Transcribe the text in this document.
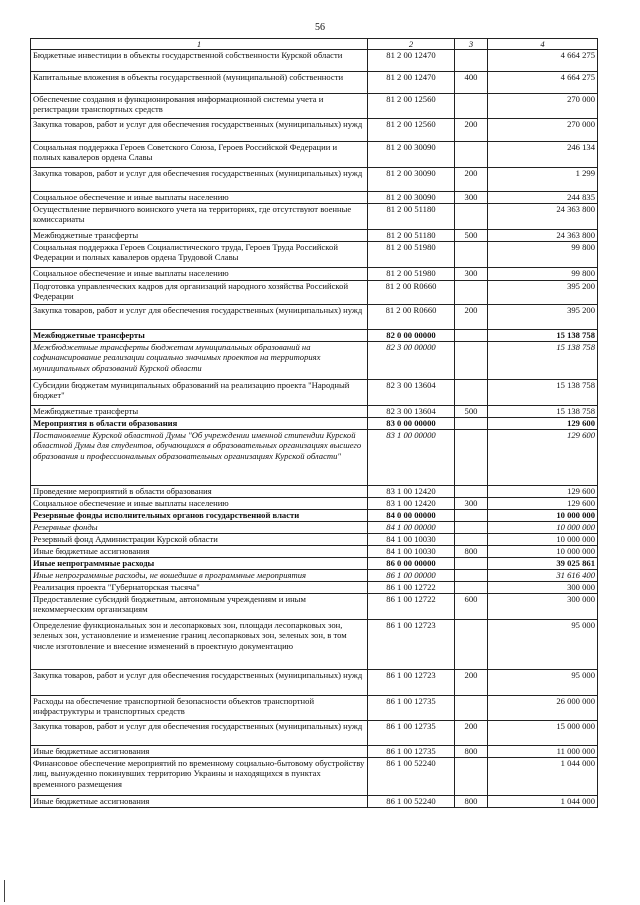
56
1	2	3	4
Бюджетные инвестиции в объекты государственной собственности Курской области	81 2 00 12470		4 664 275
Капитальные вложения в объекты государственной (муниципальной) собственности	81 2 00 12470	400	4 664 275
Обеспечение создания и функционирования информационной системы учета и регистрации транспортных средств	81 2 00 12560		270 000
Закупка товаров, работ и услуг для обеспечения государственных (муниципальных) нужд	81 2 00 12560	200	270 000
Социальная поддержка Героев Советского Союза, Героев Российской Федерации и полных кавалеров ордена Славы	81 2 00 30090		246 134
Закупка товаров, работ и услуг для обеспечения государственных (муниципальных) нужд	81 2 00 30090	200	1 299
Социальное обеспечение и иные выплаты населению	81 2 00 30090	300	244 835
Осуществление первичного воинского учета на территориях, где отсутствуют военные комиссариаты	81 2 00 51180		24 363 800
Межбюджетные трансферты	81 2 00 51180	500	24 363 800
Социальная поддержка Героев Социалистического труда, Героев Труда Российской Федерации и полных кавалеров ордена Трудовой Славы	81 2 00 51980		99 800
Социальное обеспечение и иные выплаты населению	81 2 00 51980	300	99 800
Подготовка управленческих кадров для организаций народного хозяйства Российской Федерации	81 2 00 R0660		395 200
Закупка товаров, работ и услуг для обеспечения государственных (муниципальных) нужд	81 2 00 R0660	200	395 200
Межбюджетные трансферты	82 0 00 00000		15 138 758
Межбюджетные трансферты бюджетам муниципальных образований на софинансирование реализации социально значимых проектов на территориях муниципальных образований Курской области	82 3 00 00000		15 138 758
Субсидии бюджетам муниципальных образований на реализацию проекта "Народный бюджет"	82 3 00 13604		15 138 758
Межбюджетные трансферты	82 3 00 13604	500	15 138 758
Мероприятия в области образования	83 0 00 00000		129 600
Постановление Курской областной Думы "Об учреждении именной стипендии Курской областной Думы для студентов, обучающихся в образовательных организациях высшего образования и профессиональных образовательных организациях Курской области"	83 1 00 00000		129 600
Проведение мероприятий в области образования	83 1 00 12420		129 600
Социальное обеспечение и иные выплаты населению	83 1 00 12420	300	129 600
Резервные фонды исполнительных органов государственной власти	84 0 00 00000		10 000 000
Резервные фонды	84 1 00 00000		10 000 000
Резервный фонд Администрации Курской области	84 1 00 10030		10 000 000
Иные бюджетные ассигнования	84 1 00 10030	800	10 000 000
Иные непрограммные расходы	86 0 00 00000		39 025 861
Иные непрограммные расходы, не вошедшие в программные мероприятия	86 1 00 00000		31 616 400
Реализация проекта "Губернаторская тысяча"	86 1 00 12722		300 000
Предоставление субсидий бюджетным, автономным учреждениям и иным некоммерческим организациям	86 1 00 12722	600	300 000
Определение функциональных зон и лесопарковых зон, площади лесопарковых зон, зеленых зон, установление и изменение границ лесопарковых зон, зеленых зон, в том числе изготовление и внесение изменений в проектную документацию	86 1 00 12723		95 000
Закупка товаров, работ и услуг для обеспечения государственных (муниципальных) нужд	86 1 00 12723	200	95 000
Расходы на обеспечение транспортной безопасности объектов транспортной инфраструктуры и транспортных средств	86 1 00 12735		26 000 000
Закупка товаров, работ и услуг для обеспечения государственных (муниципальных) нужд	86 1 00 12735	200	15 000 000
Иные бюджетные ассигнования	86 1 00 12735	800	11 000 000
Финансовое обеспечение мероприятий по временному социально-бытовому обустройству лиц, вынужденно покинувших территорию Украины и находящихся в пунктах временного размещения	86 1 00 52240		1 044 000
Иные бюджетные ассигнования	86 1 00 52240	800	1 044 000
